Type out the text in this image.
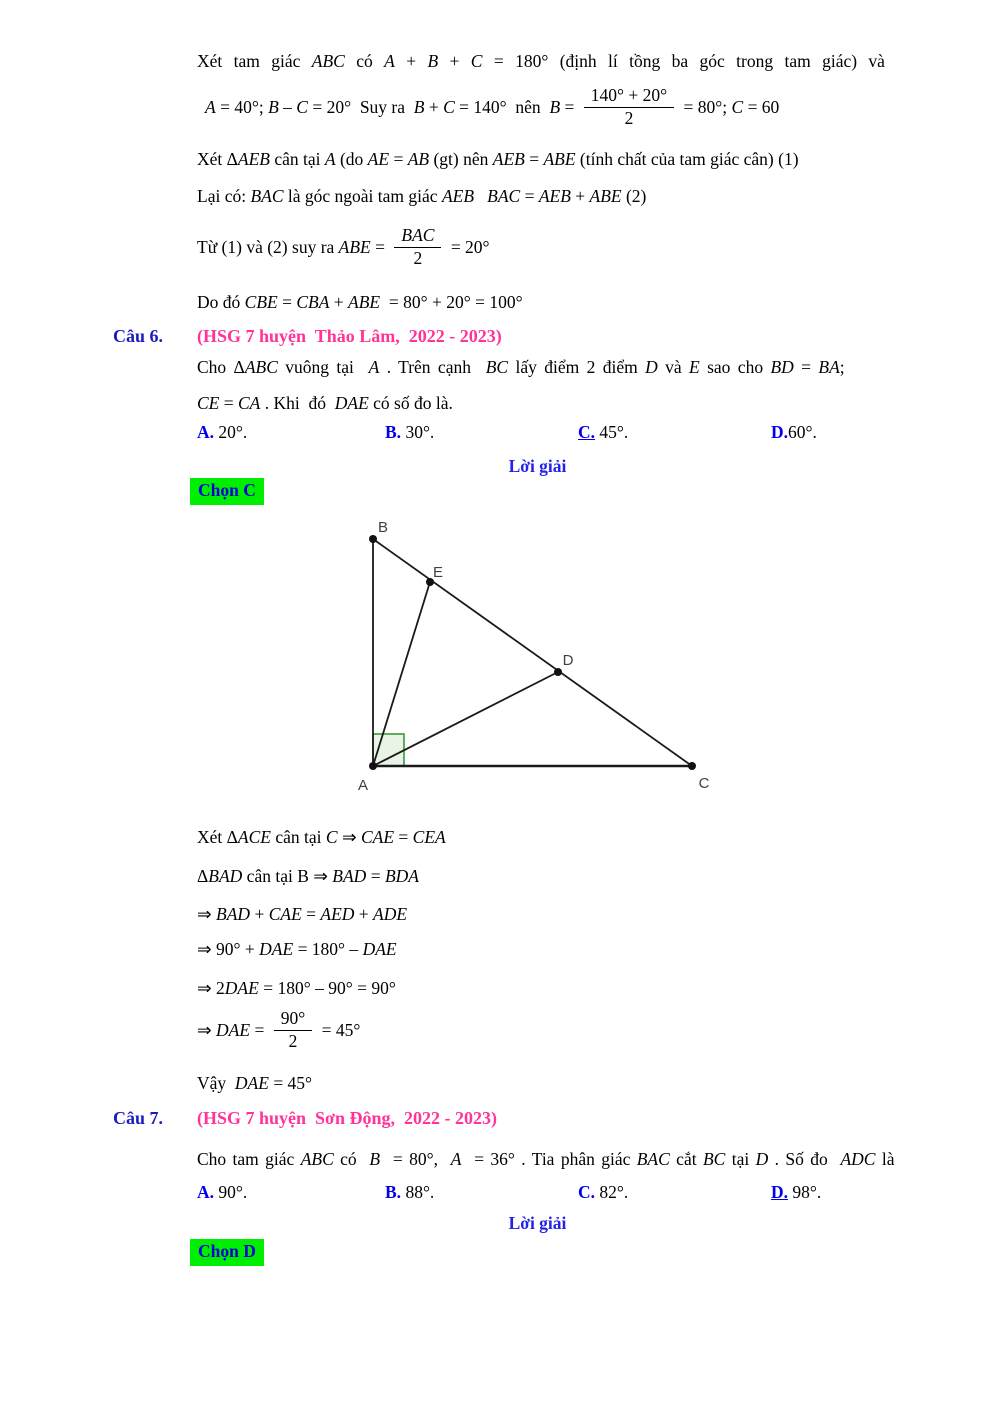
Xét tam giác ABC có A + B + C = 180° (định lí tồng ba góc trong tam giác) và
A = 40°; B – C = 20°  Suy ra B + C = 140°  nên $B = \frac{140^\circ + 20^\circ}{2} = 80^\circ$; C = 60
Xét ΔAEB cân tại A (do AE = AB (gt) nên AEB = ABE (tính chất của tam giác cân) (1)
Lại có: BAC là góc ngoài tam giác AEB BAC = AEB + ABE (2)
Từ (1) và (2) suy ra ABE = $\frac{\text{BAC}}{2} = 20^\circ$
Do đó CBE = CBA + ABE  = 80° + 20° = 100°
Câu 6. (HSG 7 huyện  Thảo Lâm,  2022 - 2023)
Cho ΔABC vuông tại  A . Trên cạnh  BC lấy điểm 2 điểm D và E sao cho BD = BA;
CE = CA . Khi  đó  DAE có số đo là.
A. 20°.	B. 30°.	C. 45°.	D.60°.
Lời giải
Chọn C
B
E
D
A	C
Xét ΔACE cân tại C ⇒ CAE = CEA
ΔBAD cân tại B ⇒ BAD = BDA
⇒ BAD + CAE = AED + ADE
⇒ 90° + DAE = 180° – DAE
⇒ 2DAE = 180° – 90° = 90°
⇒ DAE = $\frac{90^\circ}{2} = 45^\circ$
Vậy  DAE = 45°
Câu 7. (HSG 7 huyện  Sơn Động,  2022 - 2023)
Cho tam giác ABC có  B  = 80°,  A  = 36° . Tia phân giác BAC cắt BC tại D . Số đo  ADC là
A. 90°.	B. 88°.	C. 82°.	D. 98°.
Lời giải
Chọn D
